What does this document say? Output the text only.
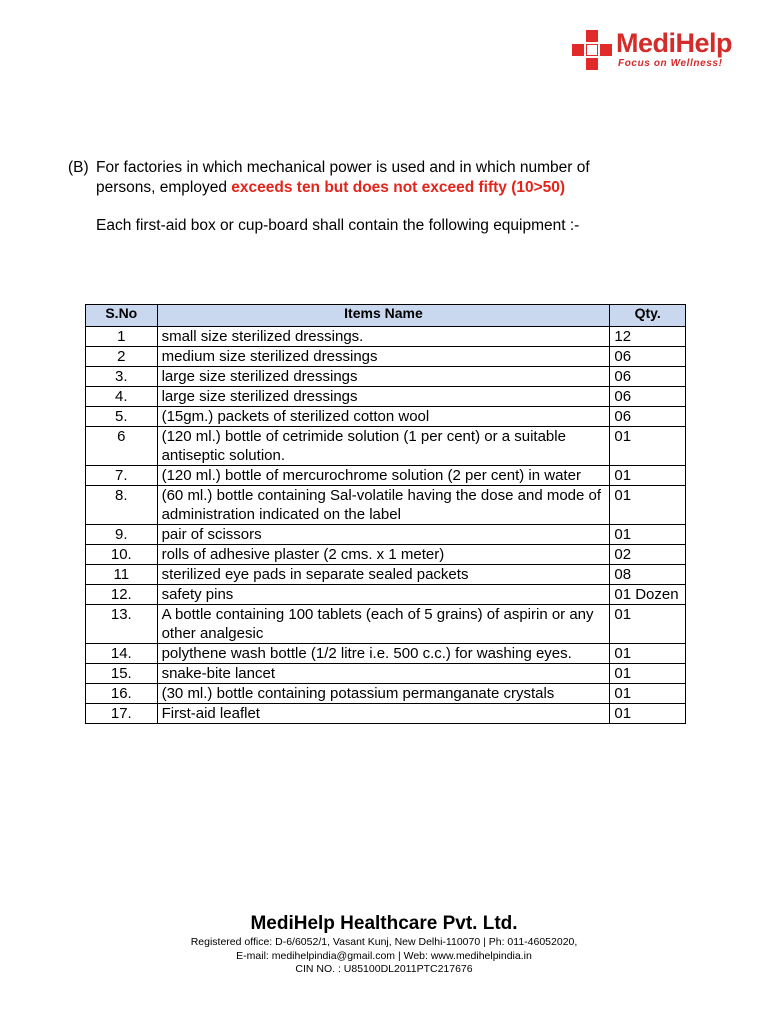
MediHelp
Focus on Wellness!
(B) For factories in which mechanical power is used and in which number of
persons, employed exceeds ten but does not exceed fifty (10>50)
Each first-aid box or cup-board shall contain the following equipment :-
S.No	Items Name	Qty.
1	small size sterilized dressings.	12
2	medium size sterilized dressings	06
3.	large size sterilized dressings	06
4.	large size sterilized dressings	06
5.	(15gm.) packets of sterilized cotton wool	06
6	(120 ml.) bottle of cetrimide solution (1 per cent) or a suitable antiseptic solution.	01
7.	(120 ml.) bottle of mercurochrome solution (2 per cent) in water	01
8.	(60 ml.) bottle containing Sal-volatile having the dose and mode of administration indicated on the label	01
9.	pair of scissors	01
10.	rolls of adhesive plaster (2 cms. x 1 meter)	02
11	sterilized eye pads in separate sealed packets	08
12.	safety pins	01 Dozen
13.	A bottle containing 100 tablets (each of 5 grains) of aspirin or any other analgesic	01
14.	polythene wash bottle (1/2 litre i.e. 500 c.c.) for washing eyes.	01
15.	snake-bite lancet	01
16.	(30 ml.) bottle containing potassium permanganate crystals	01
17.	First-aid leaflet	01
MediHelp Healthcare Pvt. Ltd.
Registered office: D-6/6052/1, Vasant Kunj, New Delhi-110070 | Ph: 011-46052020,
E-mail: medihelpindia@gmail.com | Web: www.medihelpindia.in
CIN NO. : U85100DL2011PTC217676
